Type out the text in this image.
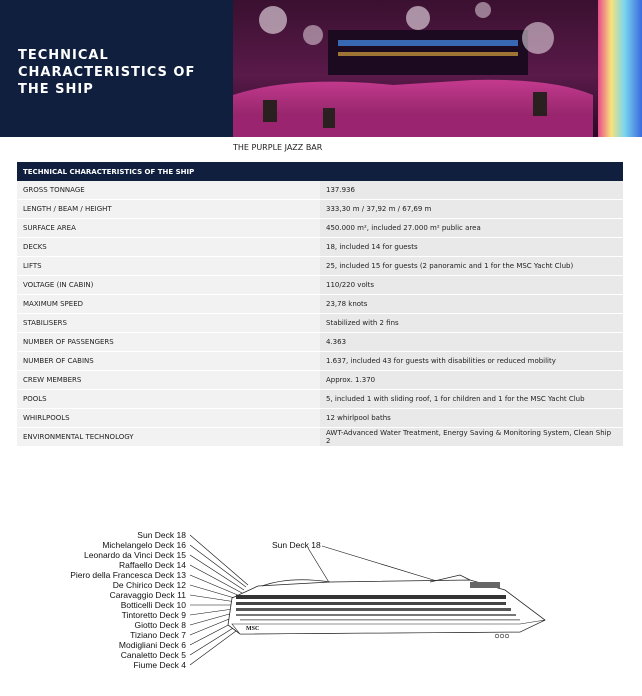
TECHNICAL CHARACTERISTICS OF THE SHIP
THE PURPLE JAZZ BAR
TECHNICAL CHARACTERISTICS OF THE SHIP	
GROSS TONNAGE	137.936
LENGTH / BEAM / HEIGHT	333,30 m / 37,92 m / 67,69 m
SURFACE AREA	450.000 m², included 27.000 m² public area
DECKS	18, included 14 for guests
LIFTS	25, included 15 for guests (2 panoramic and 1 for the MSC Yacht Club)
VOLTAGE (IN CABIN)	110/220 volts
MAXIMUM SPEED	23,78 knots
STABILISERS	Stabilized with 2 fins
NUMBER OF PASSENGERS	4.363
NUMBER OF CABINS	1.637, included 43 for guests with disabilities or reduced mobility
CREW MEMBERS	Approx. 1.370
POOLS	5, included 1 with sliding roof, 1 for children and 1 for the MSC Yacht Club
WHIRLPOOLS	12 whirlpool baths
ENVIRONMENTAL TECHNOLOGY	AWT-Advanced Water Treatment, Energy Saving & Monitoring System, Clean Ship 2
Sun Deck 18
Michelangelo Deck 16
Leonardo da Vinci Deck 15
Raffaello Deck 14
Piero della Francesca Deck 13
De Chirico Deck 12
Caravaggio Deck 11
Botticelli Deck 10
Tintoretto Deck 9
Giotto Deck 8
Tiziano Deck 7
Modigliani Deck 6
Canaletto Deck 5
Fiume Deck 4
Sun Deck 18
MSC
